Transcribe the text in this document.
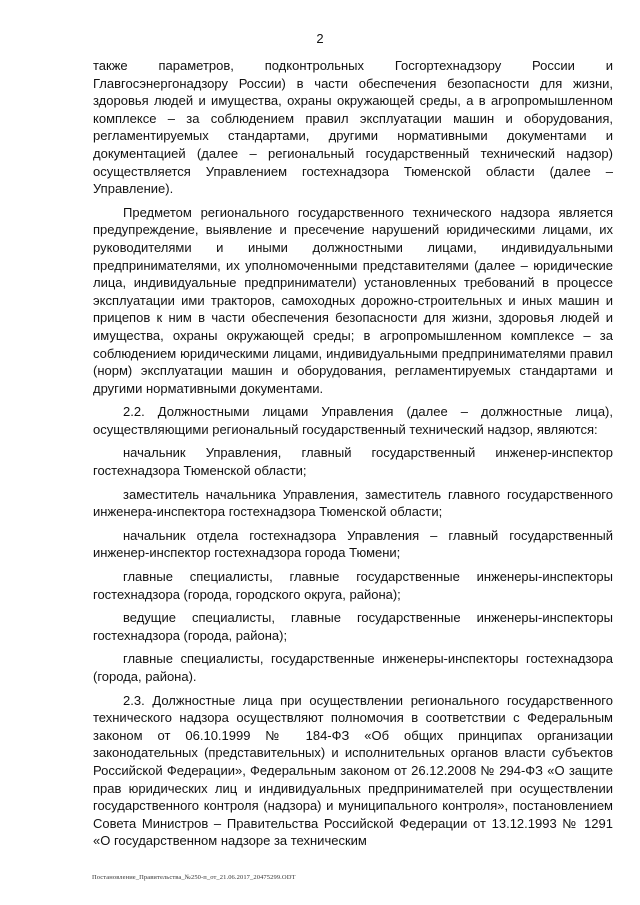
2

также параметров, подконтрольных Госгортехнадзору России и Главгосэнергонадзору России) в части обеспечения безопасности для жизни, здоровья людей и имущества, охраны окружающей среды, а в агропромышленном комплексе – за соблюдением правил эксплуатации машин и оборудования, регламентируемых стандартами, другими нормативными документами и документацией (далее – региональный государственный технический надзор) осуществляется Управлением гостехнадзора Тюменской области (далее – Управление).

Предметом регионального государственного технического надзора является предупреждение, выявление и пресечение нарушений юридическими лицами, их руководителями и иными должностными лицами, индивидуальными предпринимателями, их уполномоченными представителями (далее – юридические лица, индивидуальные предприниматели) установленных требований в процессе эксплуатации ими тракторов, самоходных дорожно-строительных и иных машин и прицепов к ним в части обеспечения безопасности для жизни, здоровья людей и имущества, охраны окружающей среды; в агропромышленном комплексе – за соблюдением юридическими лицами, индивидуальными предпринимателями правил (норм) эксплуатации машин и оборудования, регламентируемых стандартами и другими нормативными документами.

2.2. Должностными лицами Управления (далее – должностные лица), осуществляющими региональный государственный технический надзор, являются:

начальник Управления, главный государственный инженер-инспектор гостехнадзора Тюменской области;

заместитель начальника Управления, заместитель главного государственного инженера-инспектора гостехнадзора Тюменской области;

начальник отдела гостехнадзора Управления – главный государственный инженер-инспектор гостехнадзора города Тюмени;

главные специалисты, главные государственные инженеры-инспекторы гостехнадзора (города, городского округа, района);

ведущие специалисты, главные государственные инженеры-инспекторы гостехнадзора (города, района);

главные специалисты, государственные инженеры-инспекторы гостехнадзора (города, района).

2.3. Должностные лица при осуществлении регионального государственного технического надзора осуществляют полномочия в соответствии с Федеральным законом от 06.10.1999 № 184-ФЗ «Об общих принципах организации законодательных (представительных) и исполнительных органов власти субъектов Российской Федерации», Федеральным законом от 26.12.2008 № 294-ФЗ «О защите прав юридических лиц и индивидуальных предпринимателей при осуществлении государственного контроля (надзора) и муниципального контроля», постановлением Совета Министров – Правительства Российской Федерации от 13.12.1993 № 1291 «О государственном надзоре за техническим

Постановление_Правительства_№250-п_от_21.06.2017_20475299.ODT
